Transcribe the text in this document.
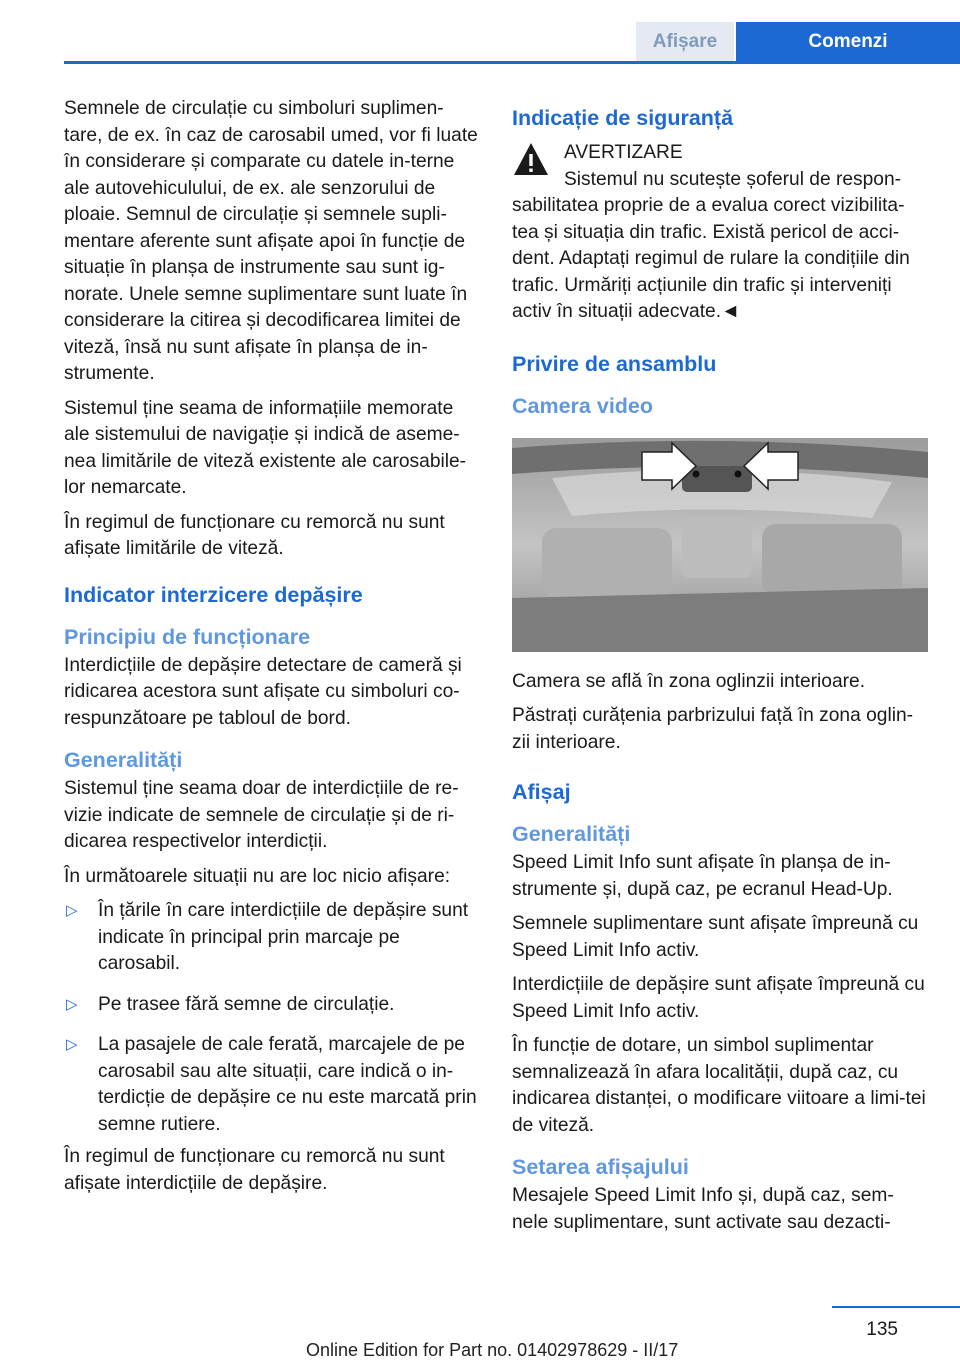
Afișare	Comenzi

Semnele de circulație cu simboluri suplimen‐tare, de ex. în caz de carosabil umed, vor fi luate în considerare și comparate cu datele in‐terne ale autovehiculului, de ex. ale senzorului de ploaie. Semnul de circulație și semnele supli‐mentare aferente sunt afișate apoi în funcție de situație în planșa de instrumente sau sunt ig‐norate. Unele semne suplimentare sunt luate în considerare la citirea și decodificarea limitei de viteză, însă nu sunt afișate în planșa de in‐strumente.

Sistemul ține seama de informațiile memorate ale sistemului de navigație și indică de aseme‐nea limitările de viteză existente ale carosabile‐lor nemarcate.

În regimul de funcționare cu remorcă nu sunt afișate limitările de viteză.

Indicator interzicere depășire
Principiu de funcționare

Interdicțiile de depășire detectare de cameră și ridicarea acestora sunt afișate cu simboluri co‐respunzătoare pe tabloul de bord.

Generalități

Sistemul ține seama doar de interdicțiile de re‐vizie indicate de semnele de circulație și de ri‐dicarea respectivelor interdicții.

În următoarele situații nu are loc nicio afișare:

▷ În țările în care interdicțiile de depășire sunt indicate în principal prin marcaje pe carosabil.
▷ Pe trasee fără semne de circulație.
▷ La pasajele de cale ferată, marcajele de pe carosabil sau alte situații, care indică o in‐terdicție de depășire ce nu este marcată prin semne rutiere.

În regimul de funcționare cu remorcă nu sunt afișate interdicțiile de depășire.

Indicație de siguranță
AVERTIZARE
Sistemul nu scutește șoferul de respon‐
sabilitatea proprie de a evalua corect vizibilita‐tea și situația din trafic. Există pericol de acci‐dent. Adaptați regimul de rulare la condițiile din trafic. Urmăriți acțiunile din trafic și interveniți activ în situații adecvate.◄
Privire de ansamblu
Camera video

Camera se află în zona oglinzii interioare.

Păstrați curățenia parbrizului față în zona oglin‐zii interioare.

Afișaj
Generalități

Speed Limit Info sunt afișate în planșa de in‐strumente și, după caz, pe ecranul Head-Up.

Semnele suplimentare sunt afișate împreună cu Speed Limit Info activ.

Interdicțiile de depășire sunt afișate împreună cu Speed Limit Info activ.

În funcție de dotare, un simbol suplimentar semnalizează în afara localității, după caz, cu indicarea distanței, o modificare viitoare a limi‐tei de viteză.

Setarea afișajului

Mesajele Speed Limit Info și, după caz, sem‐nele suplimentare, sunt activate sau dezacti‐

135
Online Edition for Part no. 01402978629 - II/17
